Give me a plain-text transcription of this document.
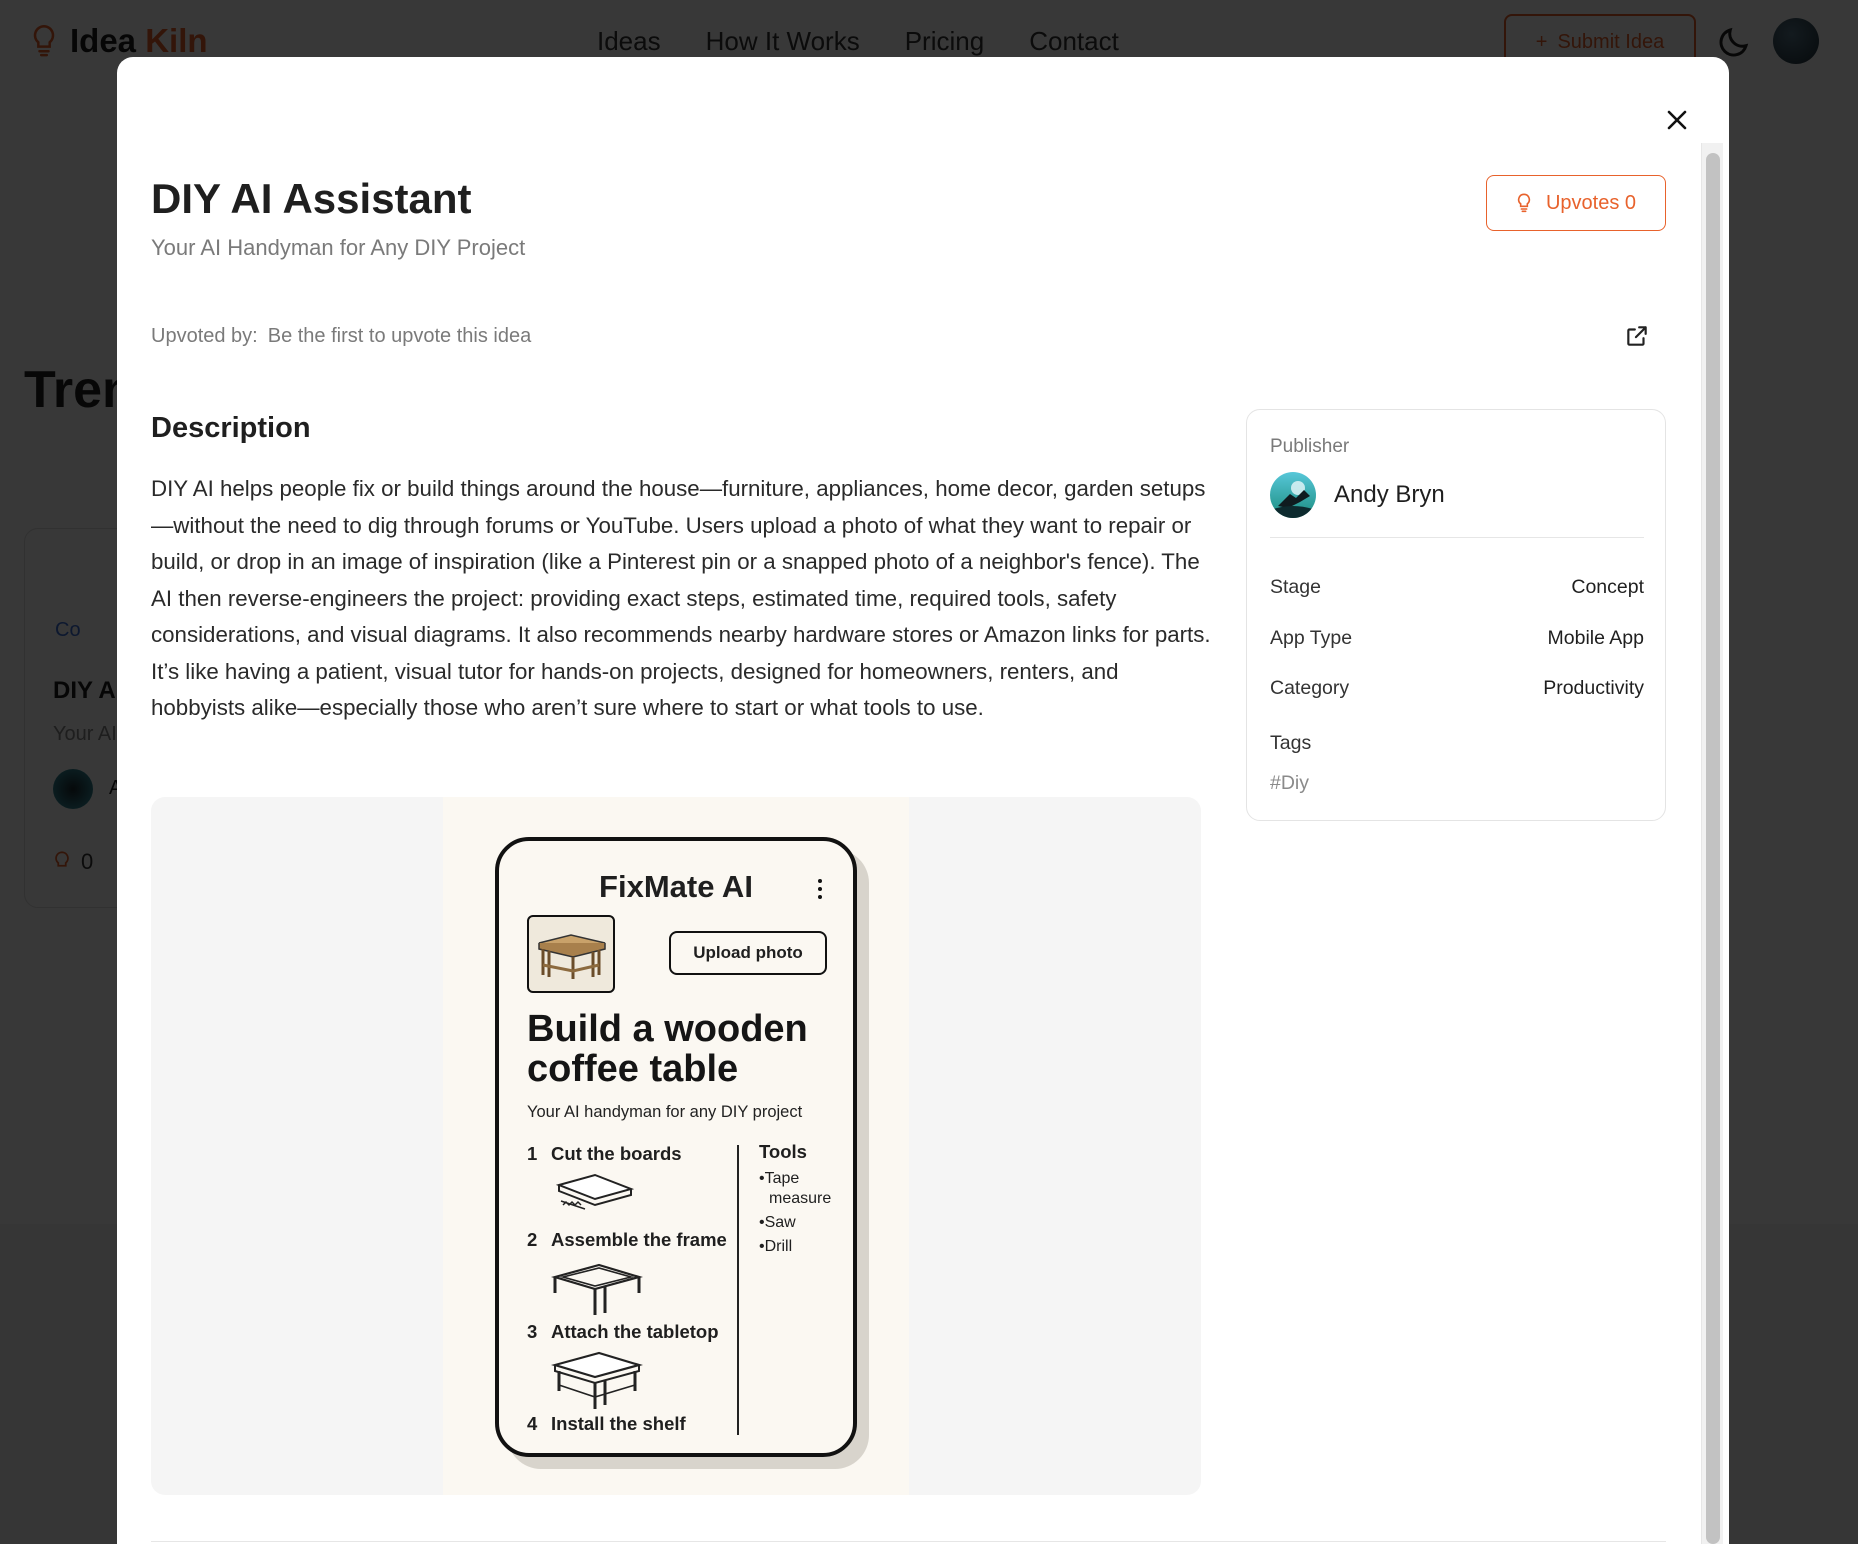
DIY AI Assistant
Your AI Handyman for Any DIY Project
Upvotes 0
Upvoted by: Be the first to upvote this idea
Description

DIY AI helps people fix or build things around the house—furniture, appliances, home decor, garden setups—without the need to dig through forums or YouTube. Users upload a photo of what they want to repair or build, or drop in an image of inspiration (like a Pinterest pin or a snapped photo of a neighbor's fence). The AI then reverse-engineers the project: providing exact steps, estimated time, required tools, safety considerations, and visual diagrams. It also recommends nearby hardware stores or Amazon links for parts.

It’s like having a patient, visual tutor for hands-on projects, designed for homeowners, renters, and hobbyists alike—especially those who aren’t sure where to start or what tools to use.

FixMate AI
Upload photo
Build a wooden coffee table
Your AI handyman for any DIY project
1 Cut the boards
2 Assemble the frame
3 Attach the tabletop
4 Install the shelf
Tools
• Tape measure
• Saw
• Drill
Publisher
Andy Bryn
Stage	Concept
App Type	Mobile App
Category	Productivity
Tags
#Diy
